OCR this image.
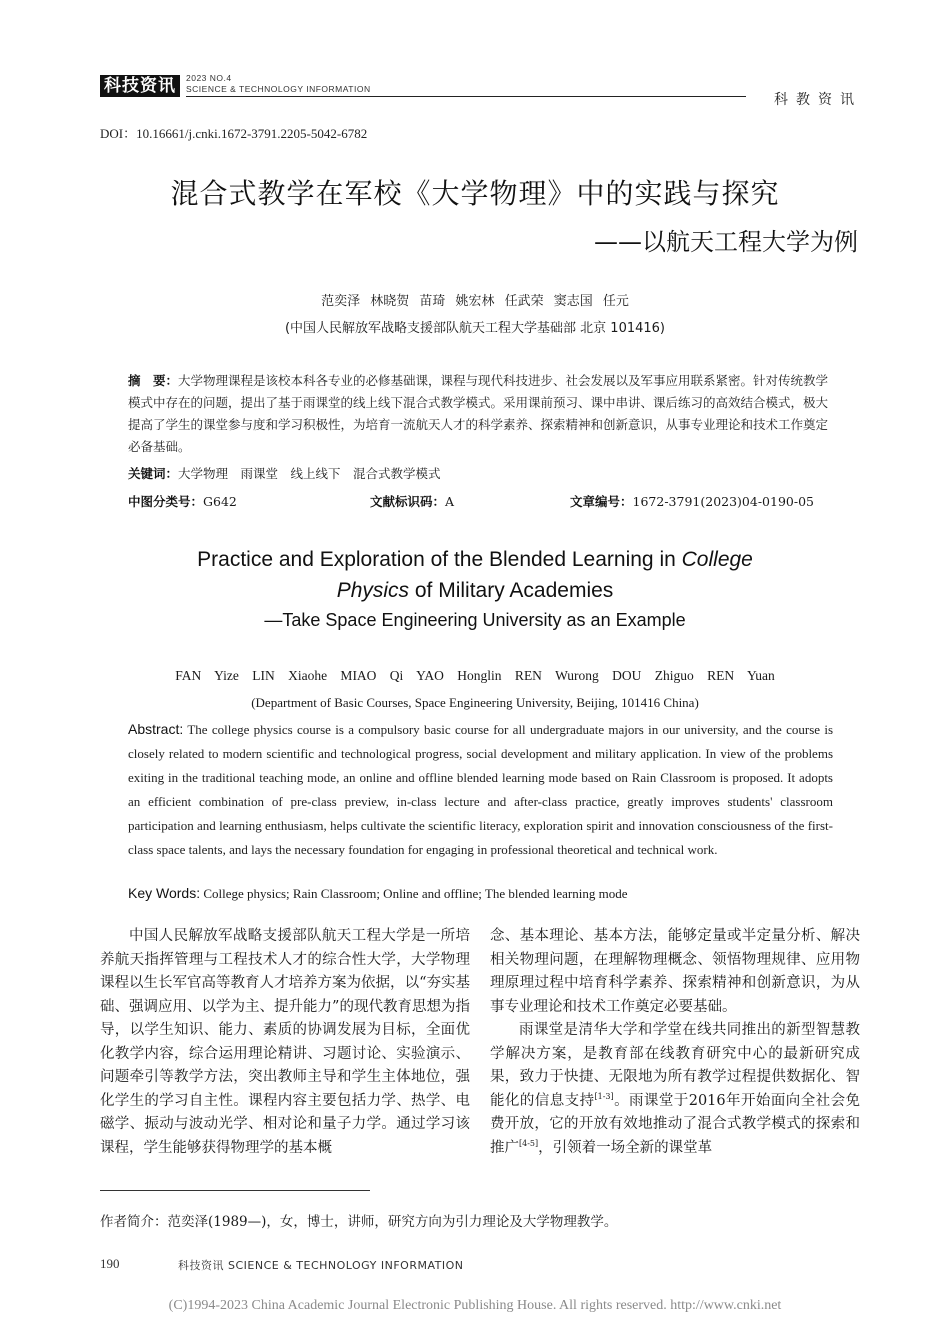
科技资讯	2023 NO.4
SCIENCE & TECHNOLOGY INFORMATION
科教资讯
DOI：10.16661/j.cnki.1672-3791.2205-5042-6782
混合式教学在军校《大学物理》中的实践与探究
——以航天工程大学为例
范奕泽 林晓贺 苗琦 姚宏林 任武荣 窦志国 任元
(中国人民解放军战略支援部队航天工程大学基础部 北京 101416)
摘　要：大学物理课程是该校本科各专业的必修基础课，课程与现代科技进步、社会发展以及军事应用联系紧密。针对传统教学模式中存在的问题，提出了基于雨课堂的线上线下混合式教学模式。采用课前预习、课中串讲、课后练习的高效结合模式，极大提高了学生的课堂参与度和学习积极性，为培育一流航天人才的科学素养、探索精神和创新意识，从事专业理论和技术工作奠定必备基础。
关键词：大学物理　雨课堂　线上线下　混合式教学模式
中图分类号：G642	文献标识码：A	文章编号：1672-3791(2023)04-0190-05
Practice and Exploration of the Blended Learning in College
Physics of Military Academies
—Take Space Engineering University as an Example
FAN Yize LIN Xiaohe MIAO Qi YAO Honglin REN Wurong DOU Zhiguo REN Yuan
(Department of Basic Courses, Space Engineering University, Beijing, 101416 China)
Abstract: The college physics course is a compulsory basic course for all undergraduate majors in our university, and the course is closely related to modern scientific and technological progress, social development and military application. In view of the problems exiting in the traditional teaching mode, an online and offline blended learning mode based on Rain Classroom is proposed. It adopts an efficient combination of pre-class preview, in-class lecture and after-class practice, greatly improves students' classroom participation and learning enthusiasm, helps cultivate the scientific literacy, exploration spirit and innovation consciousness of the first-class space talents, and lays the necessary foundation for engaging in professional theoretical and technical work.
Key Words: College physics; Rain Classroom; Online and offline; The blended learning mode

中国人民解放军战略支援部队航天工程大学是一所培养航天指挥管理与工程技术人才的综合性大学，大学物理课程以生长军官高等教育人才培养方案为依据，以“夯实基础、强调应用、以学为主、提升能力”的现代教育思想为指导，以学生知识、能力、素质的协调发展为目标，全面优化教学内容，综合运用理论精讲、习题讨论、实验演示、问题牵引等教学方法，突出教师主导和学生主体地位，强化学生的学习自主性。课程内容主要包括力学、热学、电磁学、振动与波动光学、相对论和量子力学。通过学习该课程，学生能够获得物理学的基本概

念、基本理论、基本方法，能够定量或半定量分析、解决相关物理问题，在理解物理概念、领悟物理规律、应用物理原理过程中培育科学素养、探索精神和创新意识，为从事专业理论和技术工作奠定必要基础。

雨课堂是清华大学和学堂在线共同推出的新型智慧教学解决方案，是教育部在线教育研究中心的最新研究成果，致力于快捷、无限地为所有教学过程提供数据化、智能化的信息支持[1-3]。雨课堂于2016年开始面向全社会免费开放，它的开放有效地推动了混合式教学模式的探索和推广[4-5]，引领着一场全新的课堂革

作者简介：范奕泽(1989—)，女，博士，讲师，研究方向为引力理论及大学物理教学。
190	科技资讯 SCIENCE & TECHNOLOGY INFORMATION
(C)1994-2023 China Academic Journal Electronic Publishing House. All rights reserved. http://www.cnki.net
